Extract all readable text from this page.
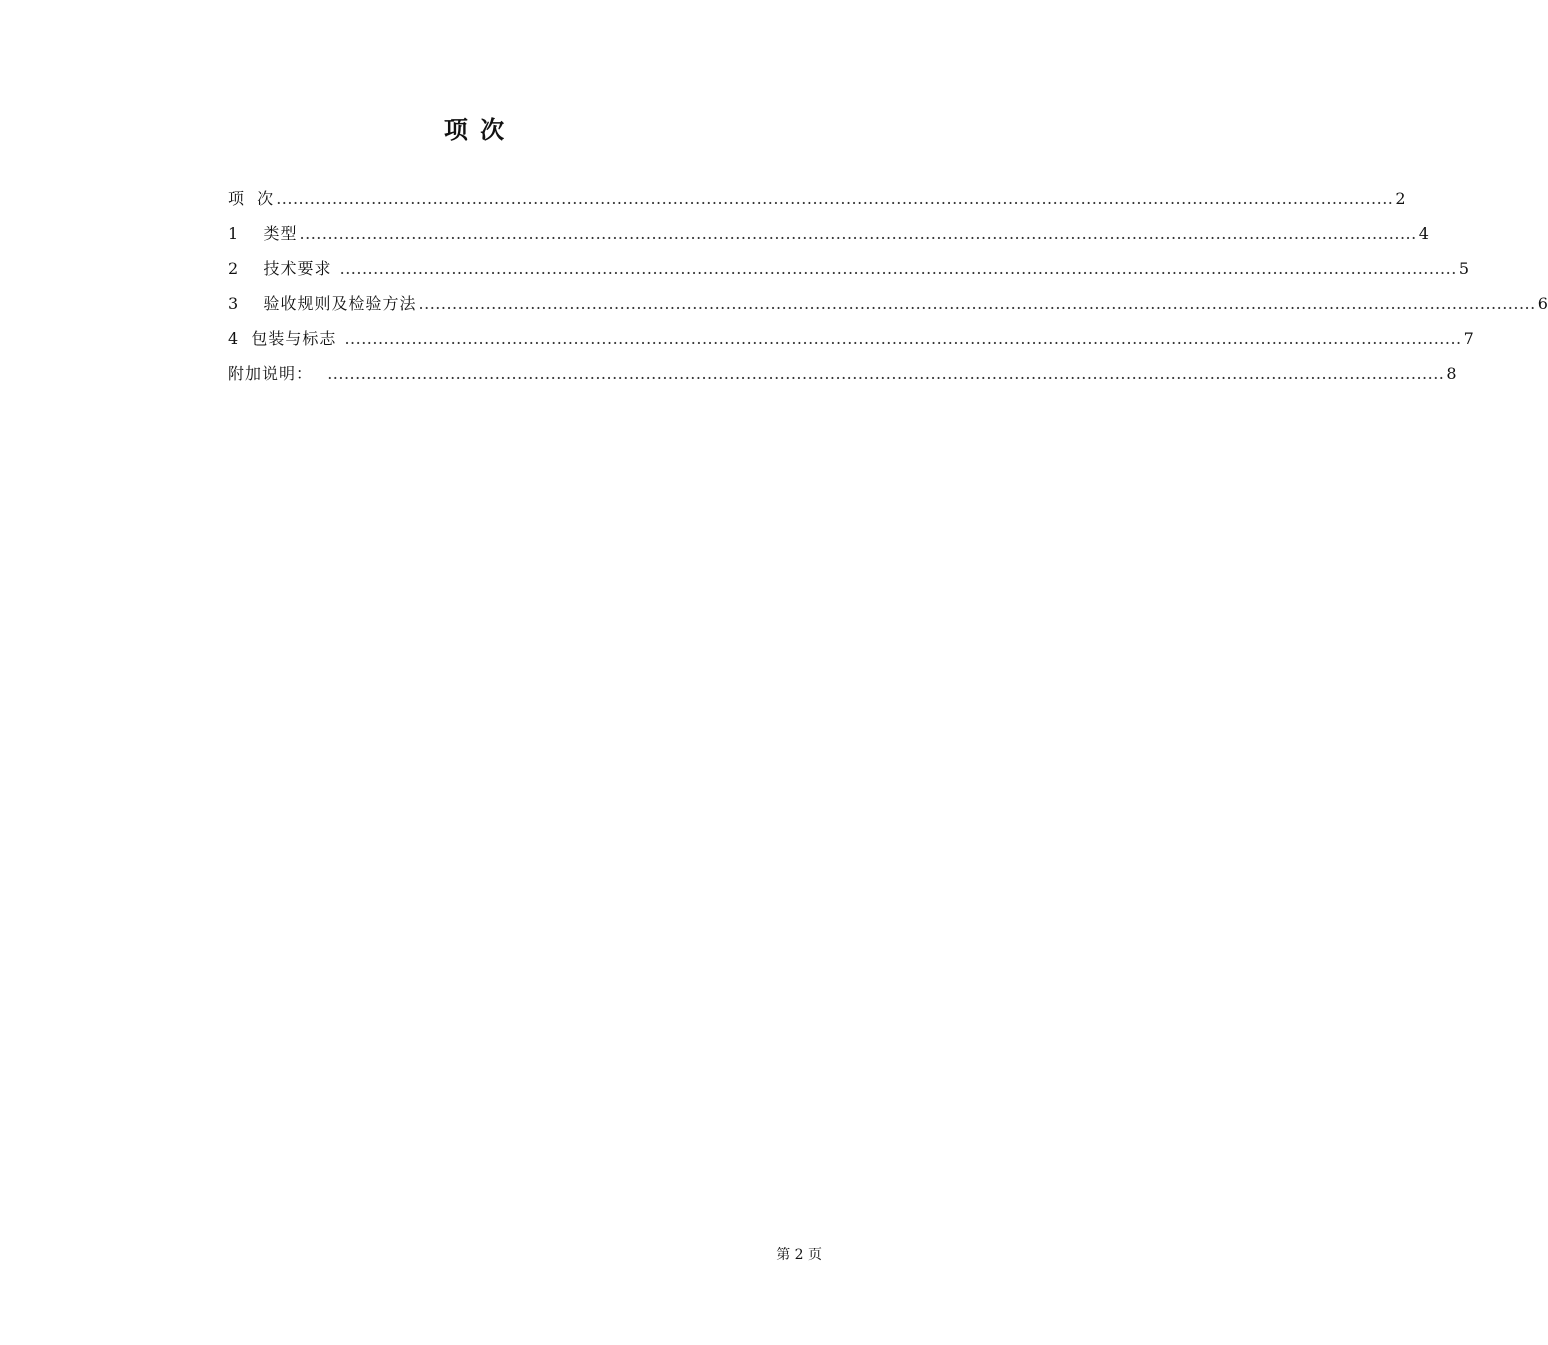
项 次
项  次 ........................................................................................................................................................................................................ 2
1    类型 ........................................................................................................................................................................................................ 4
2    技术要求 ........................................................................................................................................................................................................ 5
3    验收规则及检验方法 ........................................................................................................................................................................................................ 6
4  包装与标志 ........................................................................................................................................................................................................ 7
附加说明： ........................................................................................................................................................................................................ 8
第 2 页
